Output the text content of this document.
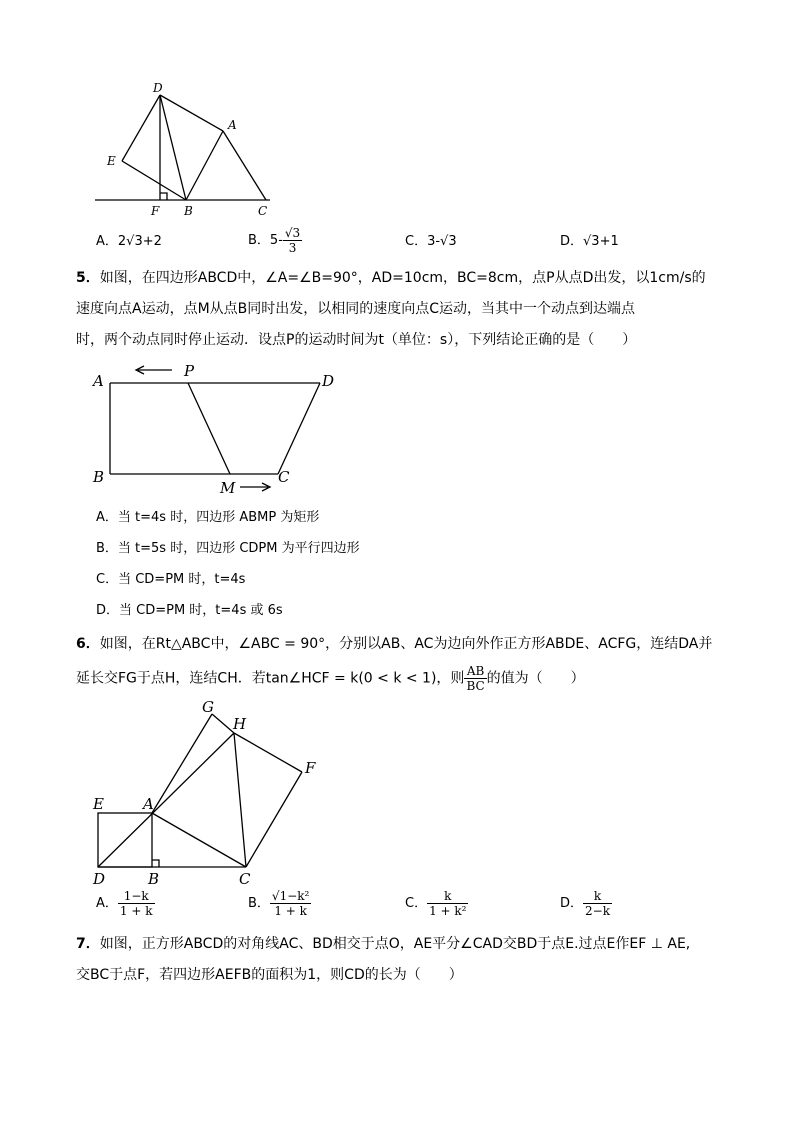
D
A
E
F B	C
A．2√3+2	B．$5- \frac{√3}{3}$	C．3-√3	D．√3+1
5．如图，在四边形ABCD中，∠A=∠B=90°，AD=10cm，BC=8cm，点P从点D出发，以1cm/s的
速度向点A运动，点M从点B同时出发，以相同的速度向点C运动，当其中一个动点到达端点
时，两个动点同时停止运动．设点P的运动时间为t（单位：s），下列结论正确的是（　　）
A
P
D
B
M
C
A．当 t=4s 时，四边形 ABMP 为矩形
B．当 t=5s 时，四边形 CDPM 为平行四边形
C．当 CD=PM 时，t=4s
D．当 CD=PM 时，t=4s 或 6s
6．如图，在Rt△ABC中，∠ABC = 90°，分别以AB、AC为边向外作正方形ABDE、ACFG，连结DA并
延长交FG于点H，连结CH．若tan∠HCF = k(0 < k < 1)，则 $\frac{AB}{BC}$ 的值为（　　）
G
H
F
E	A
D	B	C
A． $\frac{1-k}{1 + k}$	B． $\frac{\text{√1−k²}}{1 + k}$	C． $\frac{k}{\text{1 + k²}}$	D． $\frac{k}{2-k}$
7．如图，正方形ABCD的对角线AC、BD相交于点O，AE平分∠CAD交BD于点E.过点E作EF ⊥ AE,
交BC于点F，若四边形AEFB的面积为1，则CD的长为（　　）
